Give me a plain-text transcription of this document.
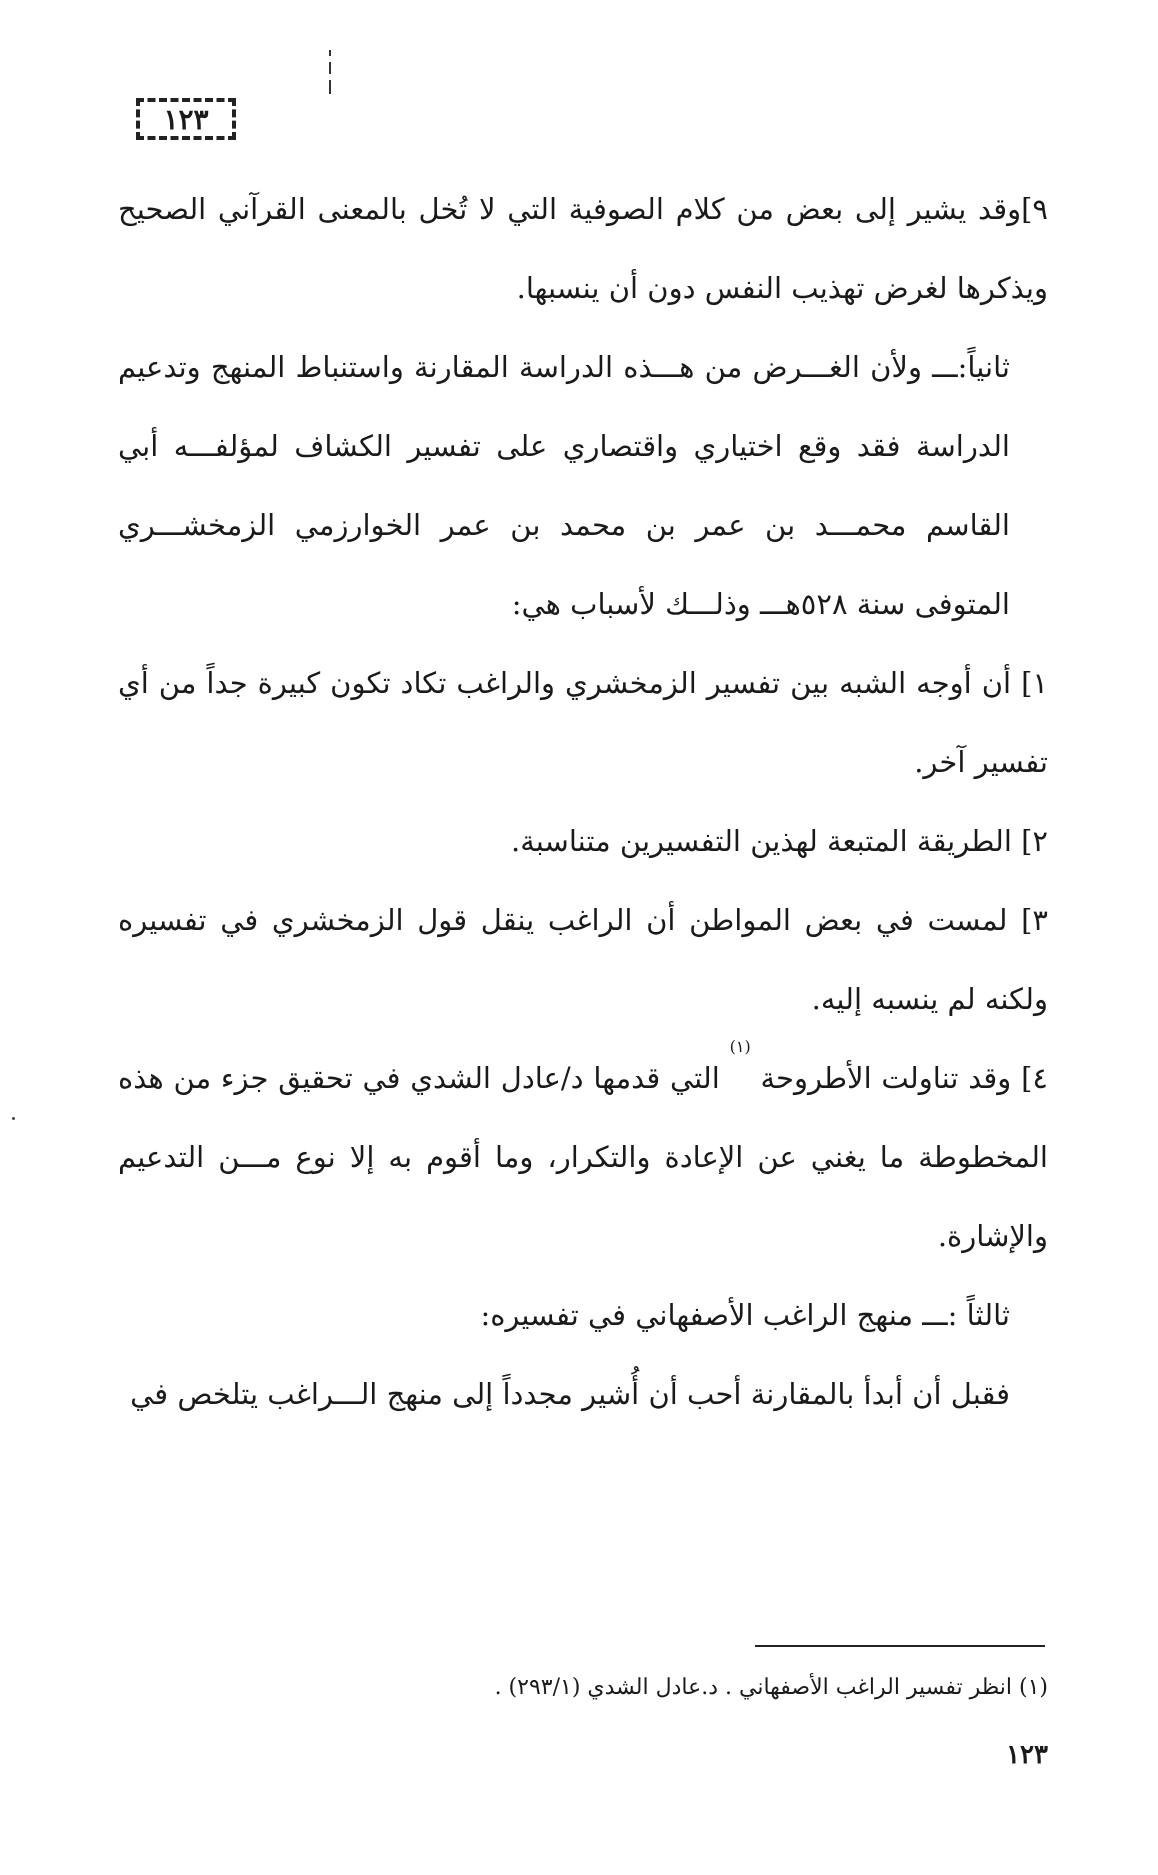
١٢٣

٩]وقد يشير إلى بعض من كلام الصوفية التي لا تُخل بالمعنى القرآني الصحيح ويذكرها لغرض تهذيب النفس دون أن ينسبها.

ثانياً:ـــ ولأن الغـــرض من هـــذه الدراسة المقارنة واستنباط المنهج وتدعيم الدراسة فقد وقع اختياري واقتصاري على تفسير الكشاف لمؤلفـــه أبي القاسم محمـــد بن عمر بن محمد بن عمر الخوارزمي الزمخشـــري المتوفى سنة ٥٢٨هـــ وذلـــك لأسباب هي:

١] أن أوجه الشبه بين تفسير الزمخشري والراغب تكاد تكون كبيرة جداً من أي تفسير آخر.

٢] الطريقة المتبعة لهذين التفسيرين متناسبة.

٣] لمست في بعض المواطن أن الراغب ينقل قول الزمخشري في تفسيره ولكنه لم ينسبه إليه.

٤] وقد تناولت الأطروحة $^{(١)}$ التي قدمها د/عادل الشدي في تحقيق جزء من هذه المخطوطة ما يغني عن الإعادة والتكرار، وما أقوم به إلا نوع مـــن التدعيم والإشارة.

ثالثاً :ـــ منهج الراغب الأصفهاني في تفسيره:

فقبل أن أبدأ بالمقارنة أحب أن أُشير مجدداً إلى منهج الـــراغب يتلخص في

(١) انظر تفسير الراغب الأصفهاني . د.عادل الشدي (٢٩٣/١) .
١٢٣
